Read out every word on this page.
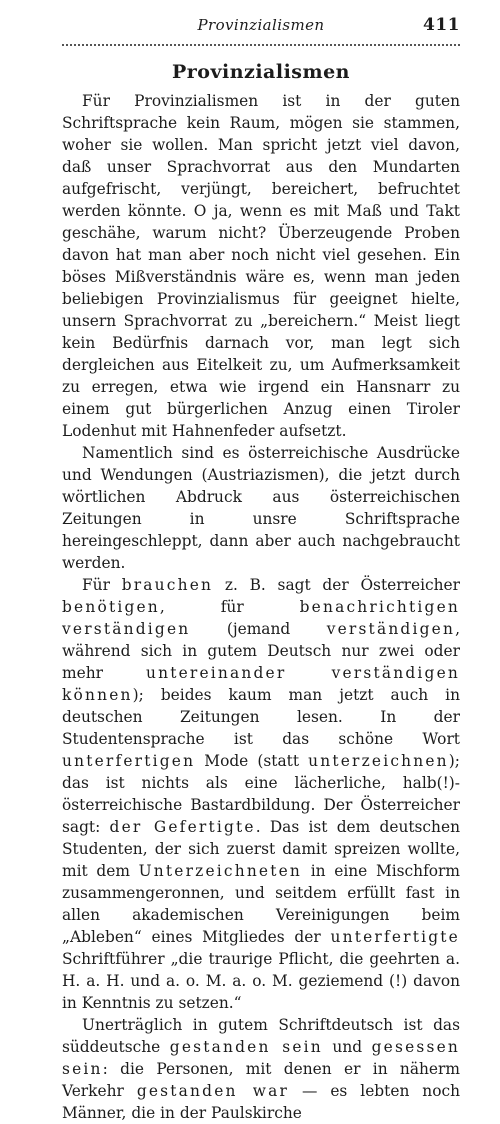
Provinzialismen	411
Provinzialismen

Für Provinzialismen ist in der guten Schriftsprache kein Raum, mögen sie stammen, woher sie wollen. Man spricht jetzt viel davon, daß unser Sprachvorrat aus den Mundarten aufgefrischt, verjüngt, bereichert, befruchtet werden könnte. O ja, wenn es mit Maß und Takt geschähe, warum nicht? Überzeugende Proben davon hat man aber noch nicht viel gesehen. Ein böses Mißverständnis wäre es, wenn man jeden beliebigen Provinzialismus für geeignet hielte, unsern Sprachvorrat zu „bereichern.“ Meist liegt kein Bedürfnis darnach vor, man legt sich dergleichen aus Eitelkeit zu, um Aufmerksamkeit zu erregen, etwa wie irgend ein Hansnarr zu einem gut bürgerlichen Anzug einen Tiroler Lodenhut mit Hahnenfeder aufsetzt.

Namentlich sind es österreichische Ausdrücke und Wendungen (Austriazismen), die jetzt durch wörtlichen Abdruck aus österreichischen Zeitungen in unsre Schriftsprache hereingeschleppt, dann aber auch nachgebraucht werden.

Für brauchen z. B. sagt der Österreicher benötigen, für benachrichtigen verständigen (jemand verständigen, während sich in gutem Deutsch nur zwei oder mehr untereinander verständigen können); beides kaum man jetzt auch in deutschen Zeitungen lesen. In der Studentensprache ist das schöne Wort unterfertigen Mode (statt unterzeichnen); das ist nichts als eine lächerliche, halb(!)-österreichische Bastardbildung. Der Österreicher sagt: der Gefertigte. Das ist dem deutschen Studenten, der sich zuerst damit spreizen wollte, mit dem Unterzeichneten in eine Mischform zusammengeronnen, und seitdem erfüllt fast in allen akademischen Vereinigungen beim „Ableben“ eines Mitgliedes der unterfertigte Schriftführer „die traurige Pflicht, die geehrten a. H. a. H. und a. o. M. a. o. M. geziemend (!) davon in Kenntnis zu setzen.“

Unerträglich in gutem Schriftdeutsch ist das süddeutsche gestanden sein und gesessen sein: die Personen, mit denen er in näherm Verkehr gestanden war — es lebten noch Männer, die in der Paulskirche
